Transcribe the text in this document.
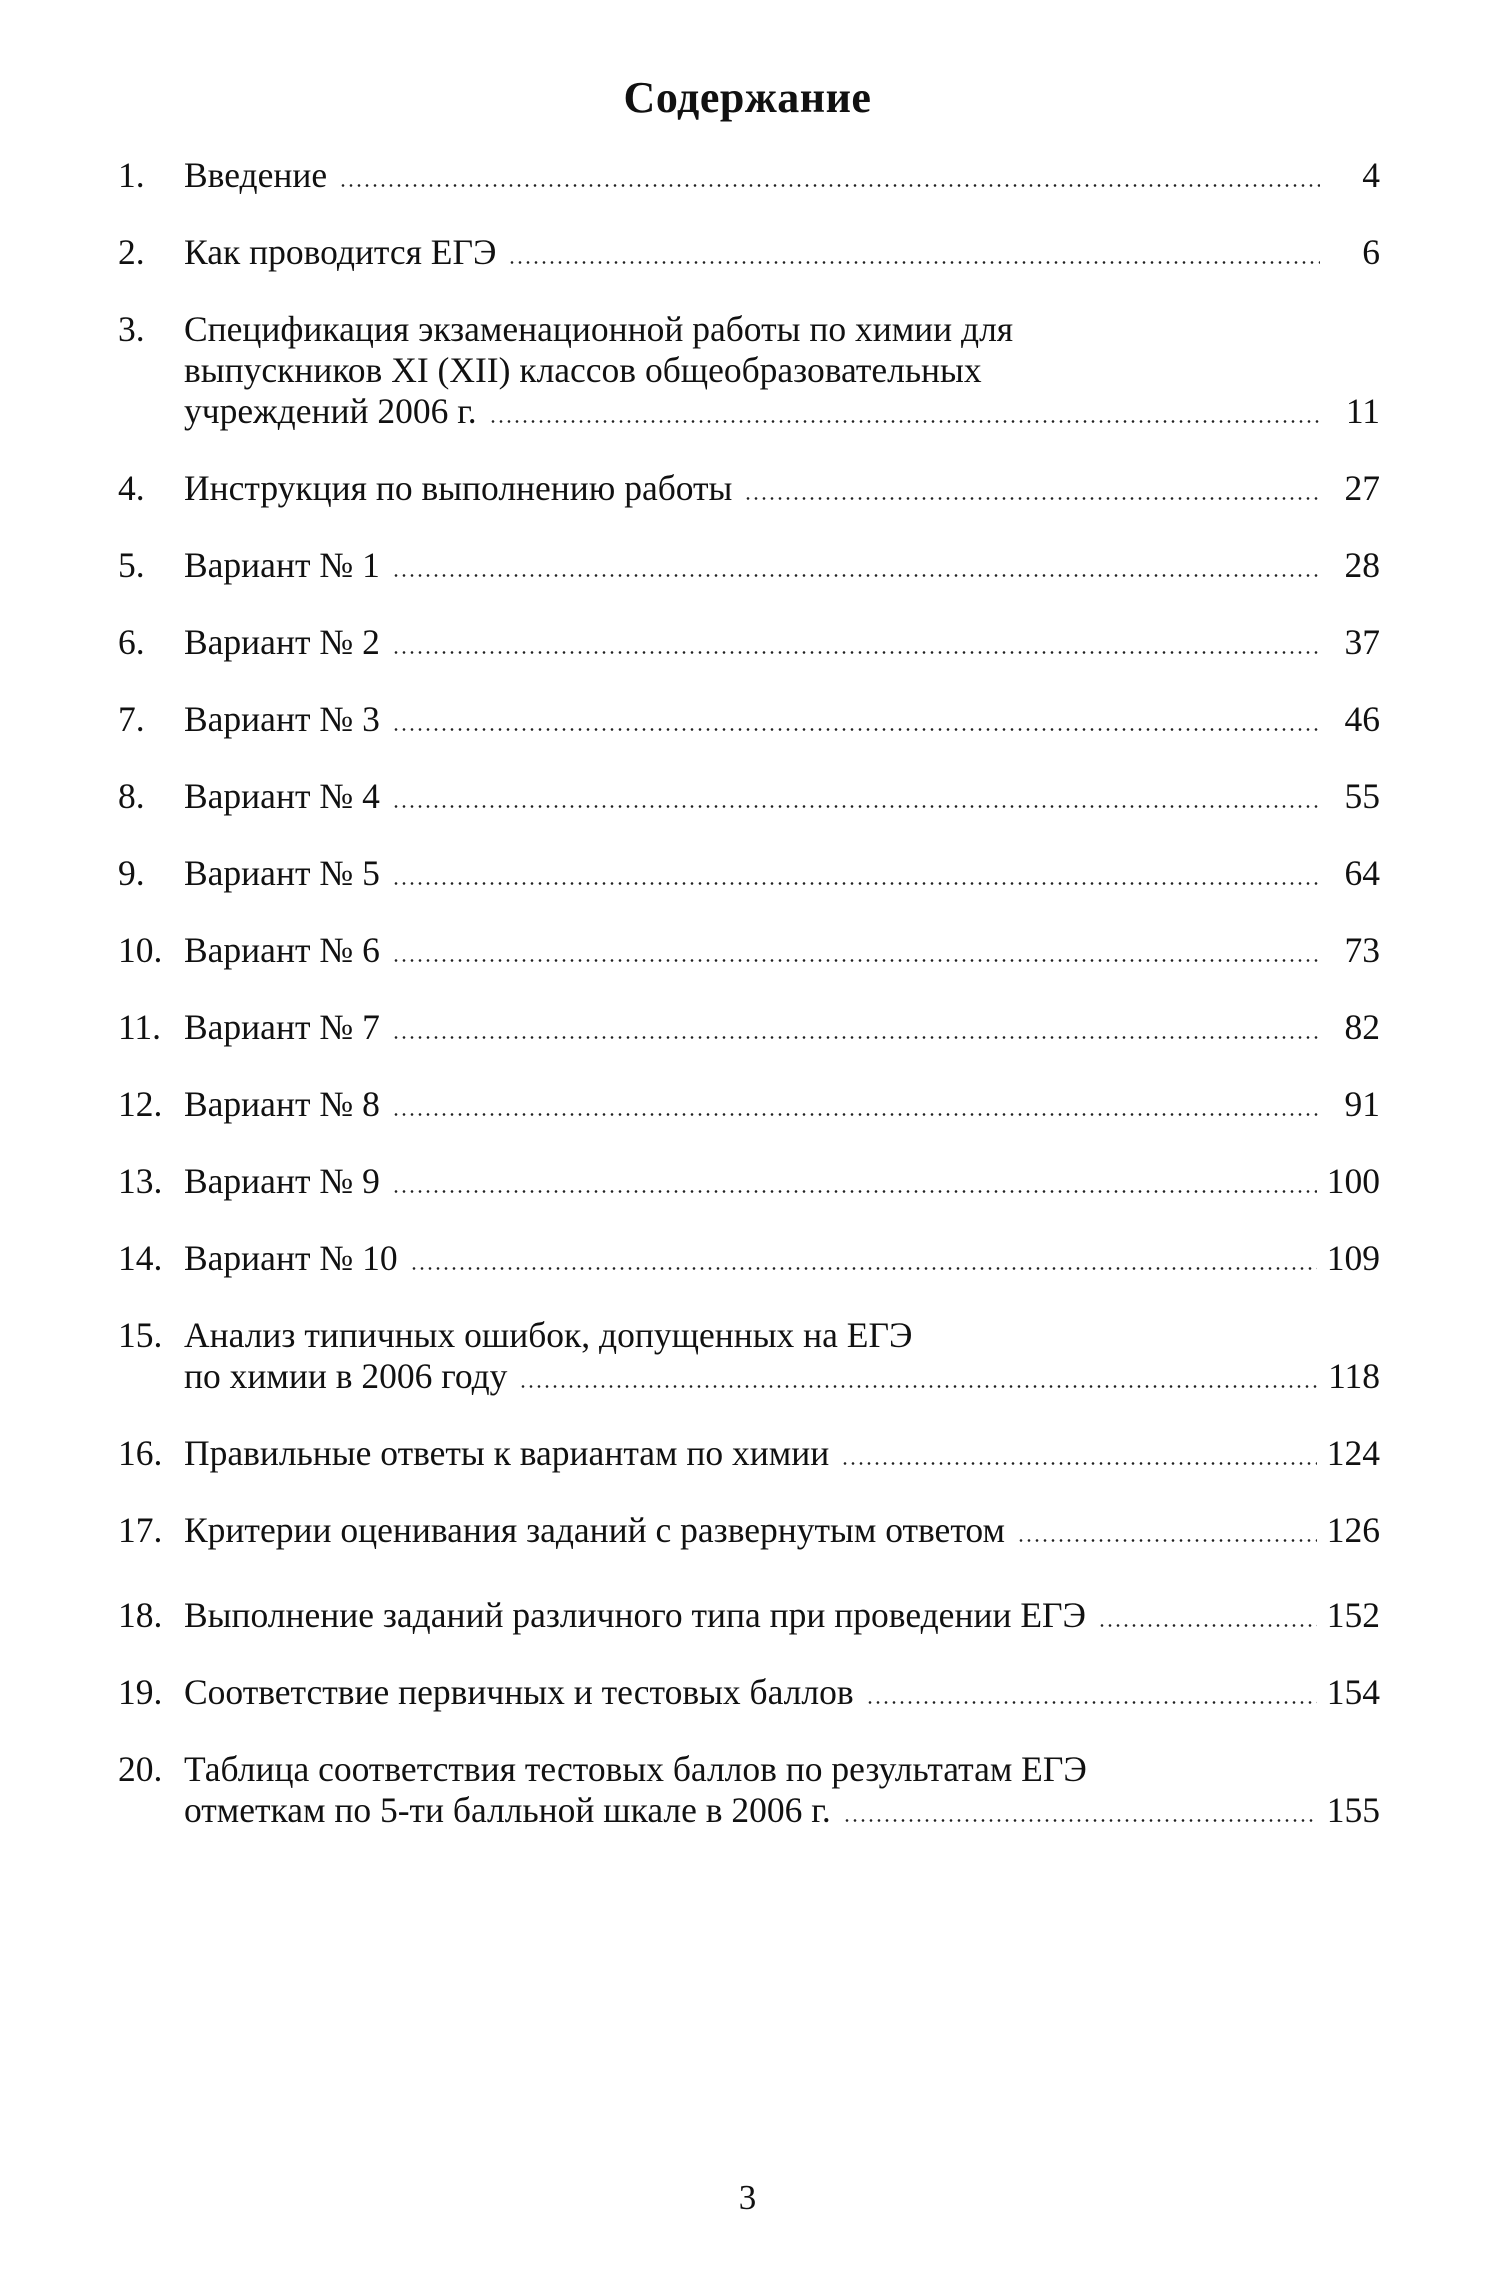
Содержание
1.	Введение	4
2.	Как проводится ЕГЭ	6
3.	Спецификация экзаменационной работы по химии для
выпускников XI (XII) классов общеобразовательных
учреждений 2006 г.	11
4.	Инструкция по выполнению работы	27
5.	Вариант № 1	28
6.	Вариант № 2	37
7.	Вариант № 3	46
8.	Вариант № 4	55
9.	Вариант № 5	64
10. Вариант № 6	73
11. Вариант № 7	82
12. Вариант № 8	91
13. Вариант № 9	100
14. Вариант № 10	109
15. Анализ типичных ошибок, допущенных на ЕГЭ
по химии в 2006 году	118
16. Правильные ответы к вариантам по химии	124
17. Критерии оценивания заданий с развернутым ответом	126
18. Выполнение заданий различного типа при проведении ЕГЭ	152
19. Соответствие первичных и тестовых баллов	154
20. Таблица соответствия тестовых баллов по результатам ЕГЭ
отметкам по 5-ти балльной шкале в 2006 г.	155
3
